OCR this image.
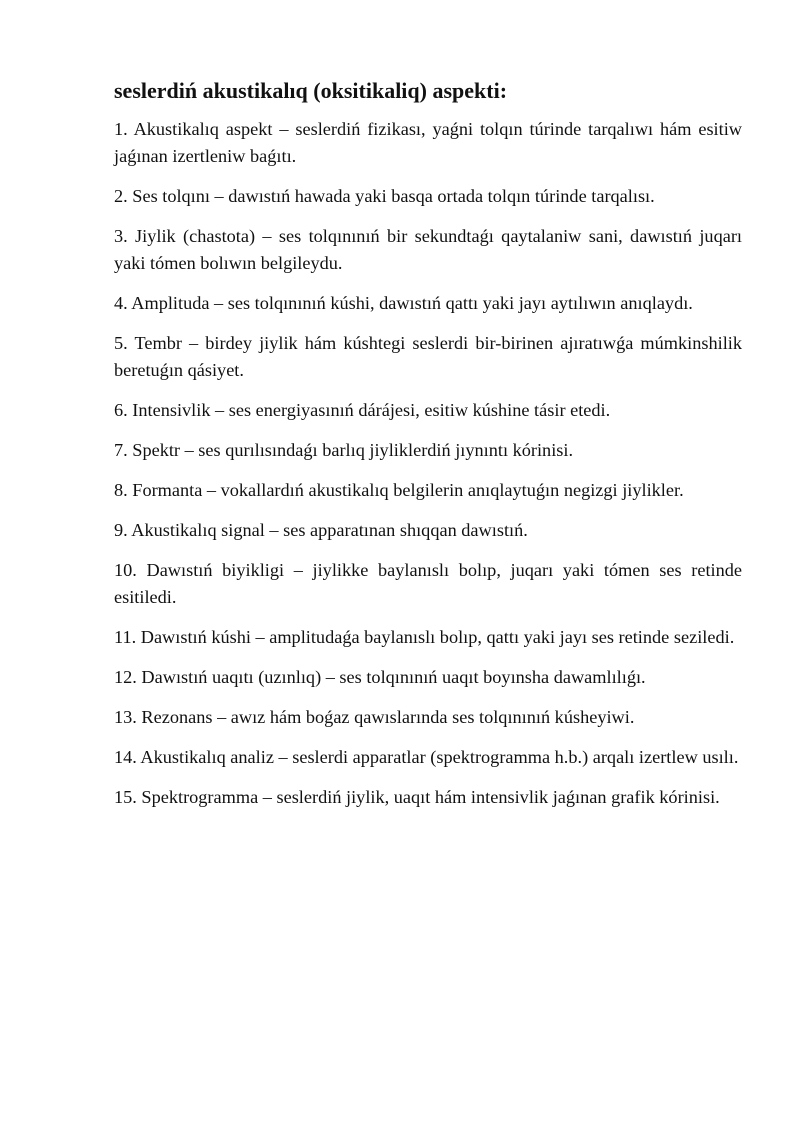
seslerdiń akustikalıq (oksitikaliq) aspekti:
1. Akustikalıq aspekt – seslerdiń fizikası, yaǵni tolqın túrinde tarqalıwı hám esitiw jaǵınan izertleniw baǵıtı.
2. Ses tolqını – dawıstıń hawada yaki basqa ortada tolqın túrinde tarqalısı.
3. Jiylik (chastota) – ses tolqınınıń bir sekundtaǵı qaytalaniw sani, dawıstıń juqarı yaki tómen bolıwın belgileydu.
4. Amplituda – ses tolqınınıń kúshi, dawıstıń qattı yaki jayı aytılıwın anıqlaydı.
5. Tembr – birdey jiylik hám kúshtegi seslerdi bir-birinen ajıratıwǵa múmkinshilik beretuǵın qásiyet.
6. Intensivlik – ses energiyasınıń dárájesi, esitiw kúshine tásir etedi.
7. Spektr – ses qurılısındaǵı barlıq jiyliklerdiń jıynıntı kórinisi.
8. Formanta – vokallardıń akustikalıq belgilerin anıqlaytuǵın negizgi jiylikler.
9. Akustikalıq signal – ses apparatınan shıqqan dawıstıń.
10. Dawıstıń biyikligi – jiylikke baylanıslı bolıp, juqarı yaki tómen ses retinde esitiledi.
11. Dawıstıń kúshi – amplitudaǵa baylanıslı bolıp, qattı yaki jayı ses retinde seziledi.
12. Dawıstıń uaqıtı (uzınlıq) – ses tolqınınıń uaqıt boyınsha dawamlılıǵı.
13. Rezonans – awız hám boǵaz qawıslarında ses tolqınınıń kúsheyiwi.
14. Akustikalıq analiz – seslerdi apparatlar (spektrogramma h.b.) arqalı izertlew usılı.
15. Spektrogramma – seslerdiń jiylik, uaqıt hám intensivlik jaǵınan grafik kórinisi.
